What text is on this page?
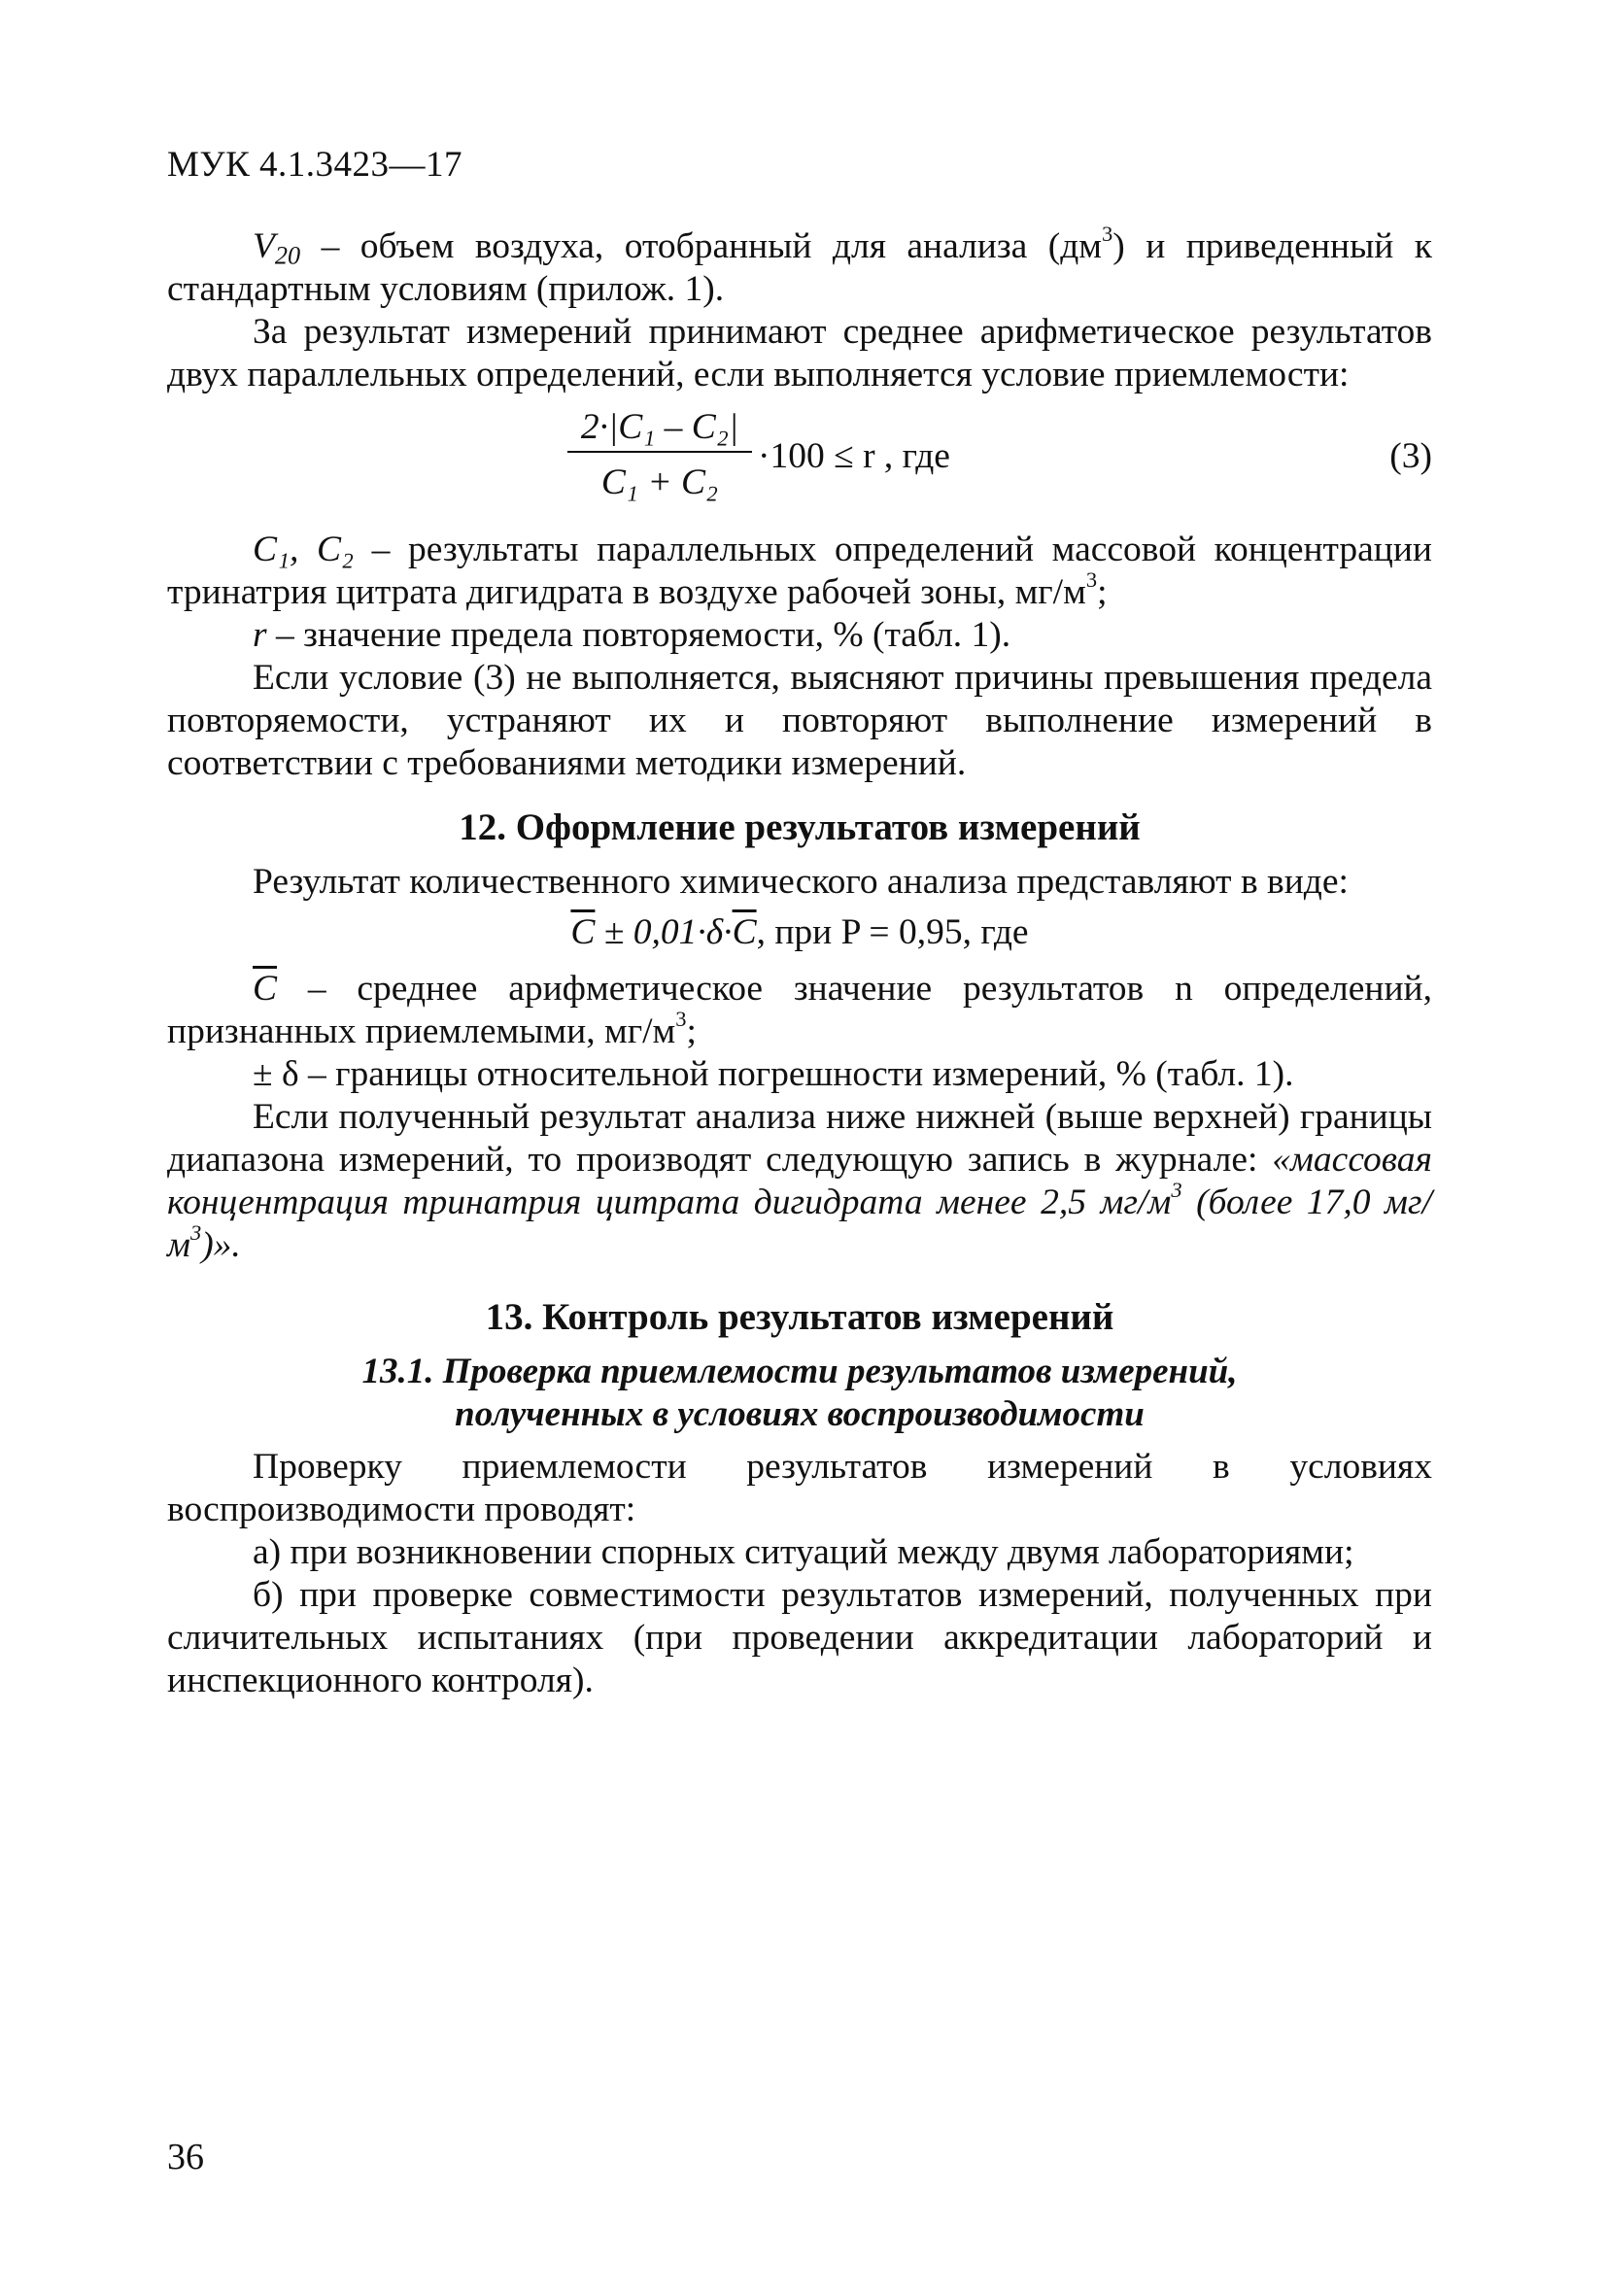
МУК 4.1.3423—17

$V_{20}$ – объем воздуха, отобранный для анализа $(дм^3)$ и приведенный к стандартным условиям (прилож. 1).

За результат измерений принимают среднее арифметическое результатов двух параллельных определений, если выполняется условие приемлемости:

$\frac{\text{2·|C₁ – C₂|}}{\text{C₁ + C₂}} \cdot 100 \le r$ , где	(3)

C₁, C₂ – результаты параллельных определений массовой концентрации тринатрия цитрата дигидрата в воздухе рабочей зоны, $мг/м^3$;

r – значение предела повторяемости, % (табл. 1).

Если условие (3) не выполняется, выясняют причины превышения предела повторяемости, устраняют их и повторяют выполнение измерений в соответствии с требованиями методики измерений.

12. Оформление результатов измерений

Результат количественного химического анализа представляют в виде:

$\overline{C} \pm 0,01\cdot\delta\cdot\overline{C}$, при P = 0,95, где

$\overline{C}$ – среднее арифметическое значение результатов n определений, признанных приемлемыми, $мг/м^3$;

± δ – границы относительной погрешности измерений, % (табл. 1).

Если полученный результат анализа ниже нижней (выше верхней) границы диапазона измерений, то производят следующую запись в журнале: «массовая концентрация тринатрия цитрата дигидрата менее 2,5 $мг/м^3$ (более 17,0 $мг/м^3$)».

13. Контроль результатов измерений
13.1. Проверка приемлемости результатов измерений,
полученных в условиях воспроизводимости

Проверку приемлемости результатов измерений в условиях воспроизводимости проводят:

а) при возникновении спорных ситуаций между двумя лабораториями;

б) при проверке совместимости результатов измерений, полученных при сличительных испытаниях (при проведении аккредитации лабораторий и инспекционного контроля).

36
